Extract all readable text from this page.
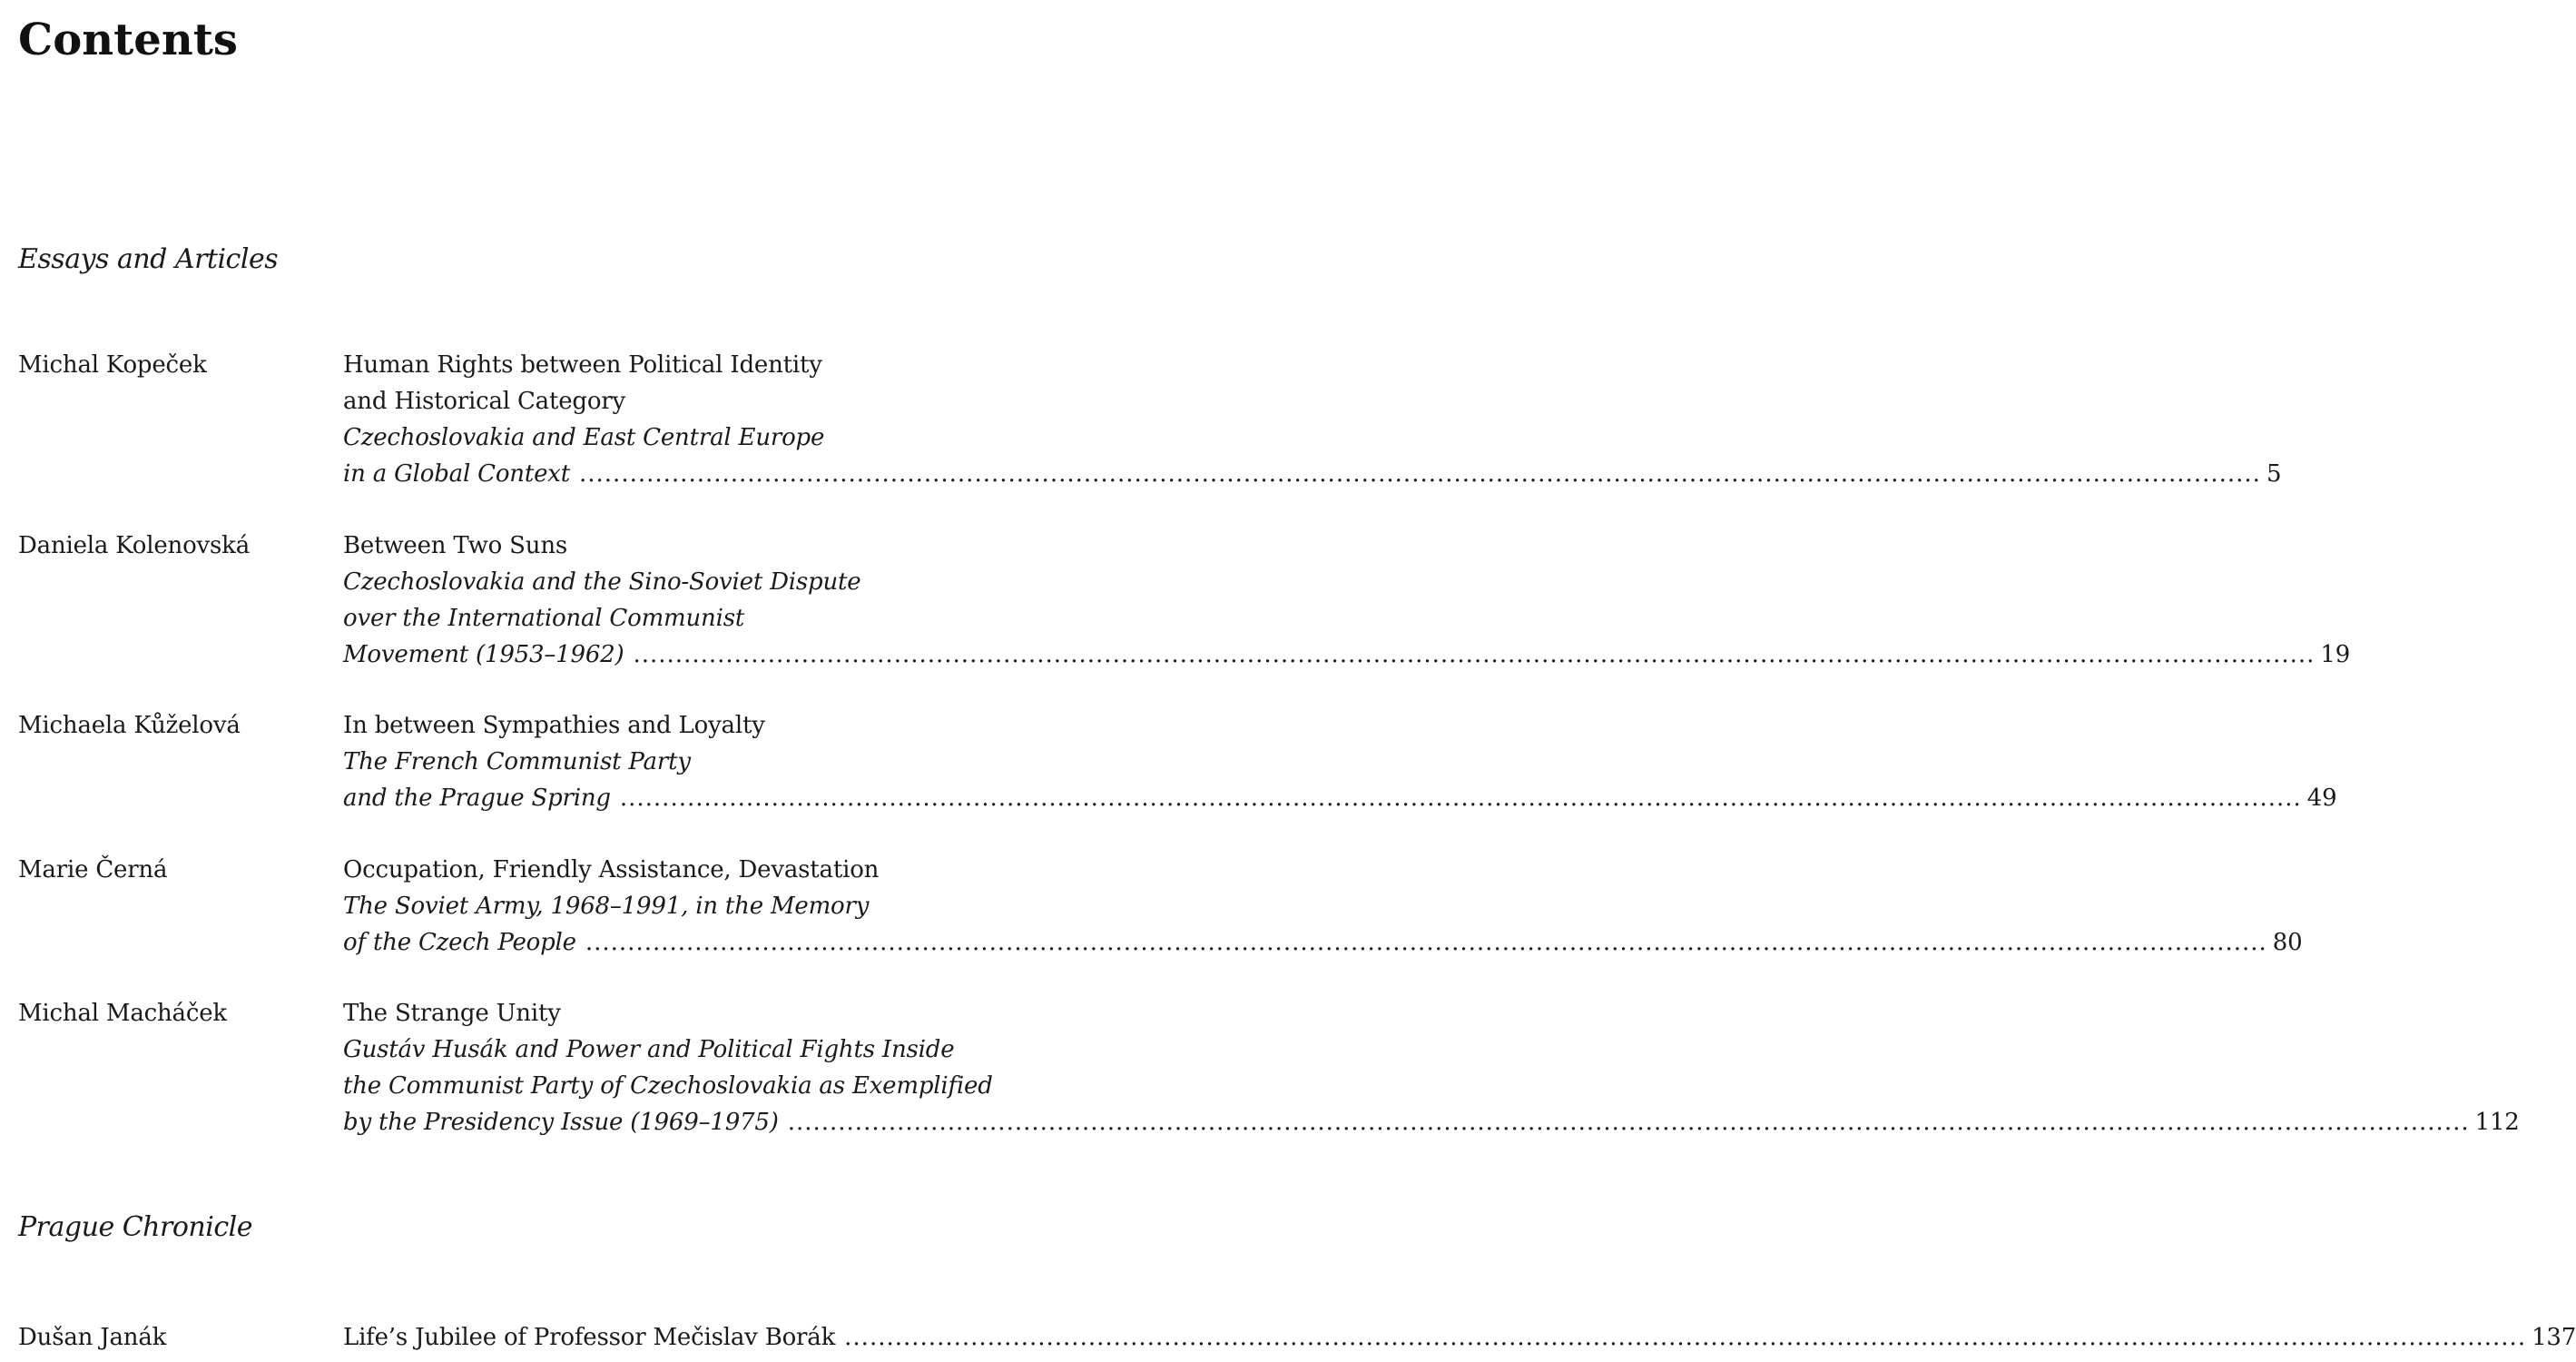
Contents
Essays and Articles
Michal Kopeček	Human Rights between Political Identity
and Historical Category
Czechoslovakia and East Central Europe
in a Global Context ........................................................................................................................................................................................................ 5
Daniela Kolenovská	Between Two Suns
Czechoslovakia and the Sino-Soviet Dispute
over the International Communist
Movement (1953–1962) ........................................................................................................................................................................................................ 19
Michaela Kůželová	In between Sympathies and Loyalty
The French Communist Party
and the Prague Spring ........................................................................................................................................................................................................ 49
Marie Černá	Occupation, Friendly Assistance, Devastation
The Soviet Army, 1968–1991, in the Memory
of the Czech People ........................................................................................................................................................................................................ 80
Michal Macháček	The Strange Unity
Gustáv Husák and Power and Political Fights Inside
the Communist Party of Czechoslovakia as Exemplified
by the Presidency Issue (1969–1975) ........................................................................................................................................................................................................ 112
Prague Chronicle
Dušan Janák	Life’s Jubilee of Professor Mečislav Borák ........................................................................................................................................................................................................ 137
